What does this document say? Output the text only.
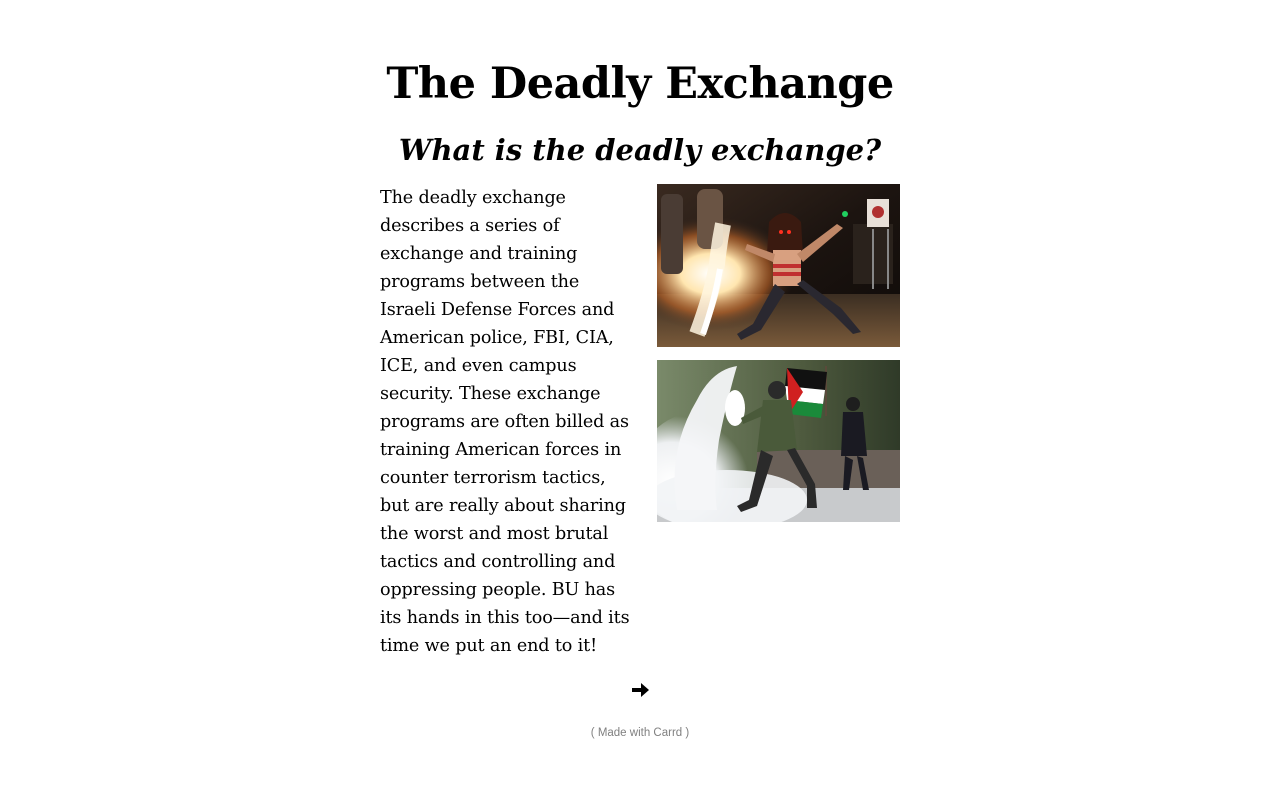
The Deadly Exchange
What is the deadly exchange?

The deadly exchange describes a series of exchange and training programs between the Israeli Defense Forces and American police, FBI, CIA, ICE, and even campus security. These exchange programs are often billed as training American forces in counter terrorism tactics, but are really about sharing the worst and most brutal tactics and controlling and oppressing people. BU has its hands in this too—and its time we put an end to it!

( Made with Carrd )
